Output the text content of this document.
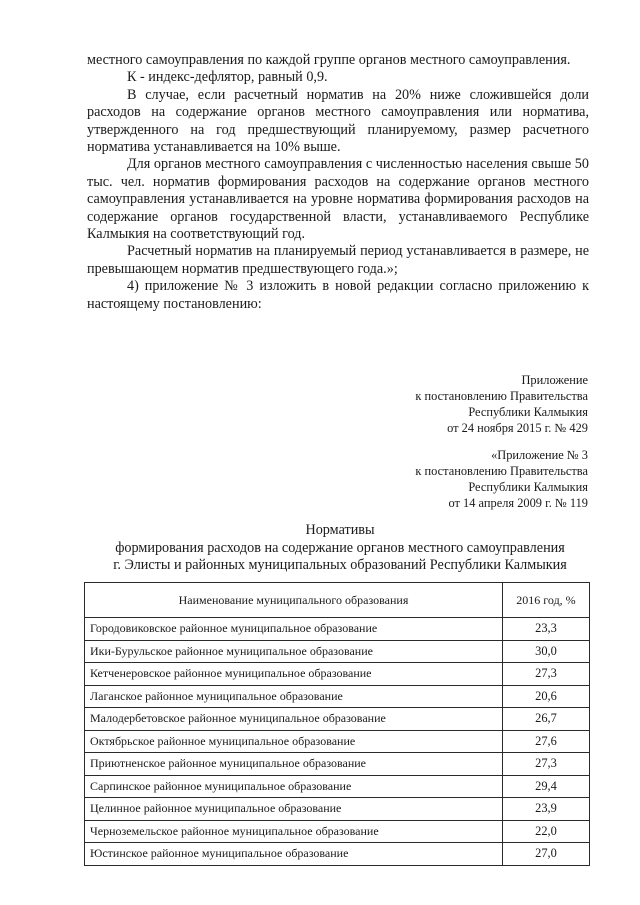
местного самоуправления по каждой группе органов местного самоуправления.

К - индекс-дефлятор, равный 0,9.

В случае, если расчетный норматив на 20% ниже сложившейся доли расходов на содержание органов местного самоуправления или норматива, утвержденного на год предшествующий планируемому, размер расчетного норматива устанавливается на 10% выше.

Для органов местного самоуправления с численностью населения свыше 50 тыс. чел. норматив формирования расходов на содержание органов местного самоуправления устанавливается на уровне норматива формирования расходов на содержание органов государственной власти, устанавливаемого Республике Калмыкия на соответствующий год.

Расчетный норматив на планируемый период устанавливается в размере, не превышающем норматив предшествующего года.»;

4) приложение № 3 изложить в новой редакции согласно приложению к настоящему постановлению:

Приложение
к постановлению Правительства
Республики Калмыкия
от 24 ноября 2015 г. № 429
«Приложение № 3
к постановлению Правительства
Республики Калмыкия
от 14 апреля 2009 г. № 119
Нормативы
формирования расходов на содержание органов местного самоуправления
г. Элисты и районных муниципальных образований Республики Калмыкия
Наименование муниципального образования	2016 год, %
Городовиковское районное муниципальное образование	23,3
Ики-Бурульское районное муниципальное образование	30,0
Кетченеровское районное муниципальное образование	27,3
Лаганское районное муниципальное образование	20,6
Малодербетовское районное муниципальное образование	26,7
Октябрьское районное муниципальное образование	27,6
Приютненское районное муниципальное образование	27,3
Сарпинское районное муниципальное образование	29,4
Целинное районное муниципальное образование	23,9
Черноземельское районное муниципальное образование	22,0
Юстинское районное муниципальное образование	27,0
